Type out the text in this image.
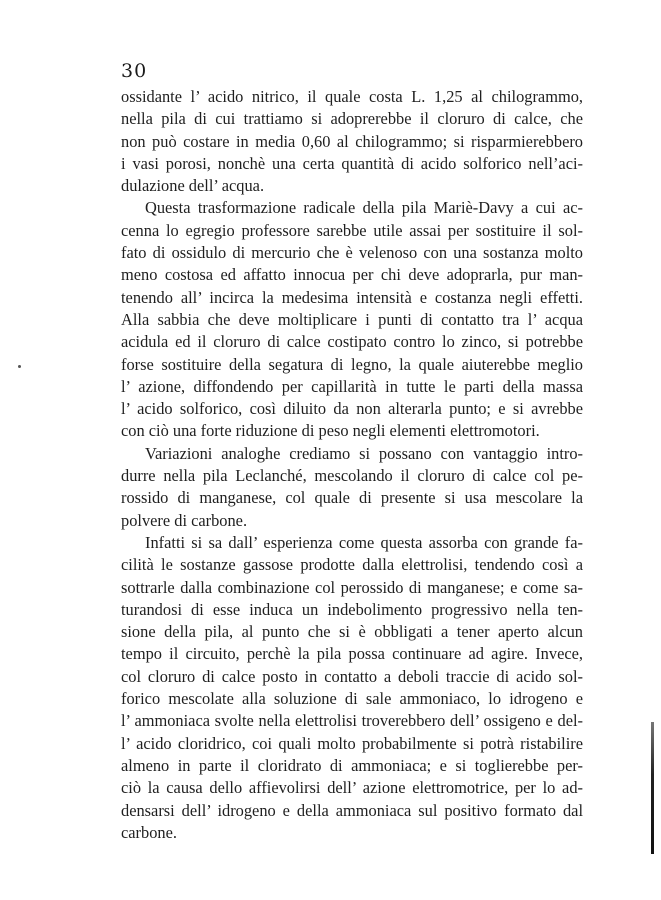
30
ossidante l’ acido nitrico, il quale costa L. 1,25 al chilogrammo,
nella pila di cui trattiamo si adoprerebbe il cloruro di calce, che
non può costare in media 0,60 al chilogrammo; si risparmierebbero
i vasi porosi, nonchè una certa quantità di acido solforico nell’aci-
dulazione dell’ acqua.
Questa trasformazione radicale della pila Mariè-Davy a cui ac-
cenna lo egregio professore sarebbe utile assai per sostituire il sol-
fato di ossidulo di mercurio che è velenoso con una sostanza molto
meno costosa ed affatto innocua per chi deve adoprarla, pur man-
tenendo all’ incirca la medesima intensità e costanza negli effetti.
Alla sabbia che deve moltiplicare i punti di contatto tra l’ acqua
acidula ed il cloruro di calce costipato contro lo zinco, si potrebbe
forse sostituire della segatura di legno, la quale aiuterebbe meglio
l’ azione, diffondendo per capillarità in tutte le parti della massa
l’ acido solforico, così diluito da non alterarla punto; e si avrebbe
con ciò una forte riduzione di peso negli elementi elettromotori.
Variazioni analoghe crediamo si possano con vantaggio intro-
durre nella pila Leclanché, mescolando il cloruro di calce col pe-
rossido di manganese, col quale di presente si usa mescolare la
polvere di carbone.
Infatti si sa dall’ esperienza come questa assorba con grande fa-
cilità le sostanze gassose prodotte dalla elettrolisi, tendendo così a
sottrarle dalla combinazione col perossido di manganese; e come sa-
turandosi di esse induca un indebolimento progressivo nella ten-
sione della pila, al punto che si è obbligati a tener aperto alcun
tempo il circuito, perchè la pila possa continuare ad agire. Invece,
col cloruro di calce posto in contatto a deboli traccie di acido sol-
forico mescolate alla soluzione di sale ammoniaco, lo idrogeno e
l’ ammoniaca svolte nella elettrolisi troverebbero dell’ ossigeno e del-
l’ acido cloridrico, coi quali molto probabilmente si potrà ristabilire
almeno in parte il cloridrato di ammoniaca; e si toglierebbe per-
ciò la causa dello affievolirsi dell’ azione elettromotrice, per lo ad-
densarsi dell’ idrogeno e della ammoniaca sul positivo formato dal
carbone.
